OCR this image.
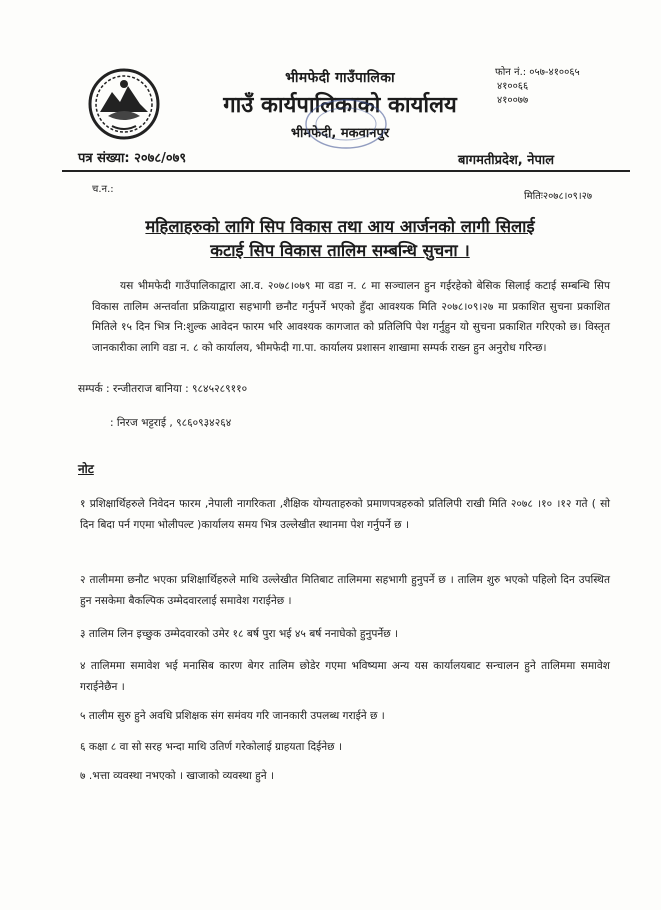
भीमफेदी गाउँपालिका
गाउँ कार्यपालिकाको कार्यालय
भीमफेदी, मकवानपुर
फोन नं.: ०५७-४१००६५
४१००६६
४१००७७
पत्र संख्या: २०७८/०७९	बागमतीप्रदेश, नेपाल
च.न.:
मितिः२०७८।०९।२७
महिलाहरुको लागि सिप विकास तथा आय आर्जनको लागी सिलाई
कटाई सिप विकास तालिम सम्बन्धि सुचना ।
यस भीमफेदी गाउँपालिकाद्वारा आ.व. २०७८।०७९ मा वडा न. ८ मा सञ्चालन हुन गईरहेको बेसिक सिलाई कटाई सम्बन्धि सिप विकास तालिम अन्तर्वाता प्रक्रियाद्वारा सहभागी छनौट गर्नुपर्ने भएको हुँदा आवश्यक मिति २०७८।०९।२७ मा प्रकाशित सुचना प्रकाशित मितिले १५ दिन भित्र नि:शुल्क आवेदन फारम भरि आवश्यक कागजात को प्रतिलिपि पेश गर्नुहुन यो सुचना प्रकाशित गरिएको छ। विस्तृत जानकारीका लागि वडा न. ८ को कार्यालय, भीमफेदी गा.पा. कार्यालय प्रशासन शाखामा सम्पर्क राख्न हुन अनुरोध गरिन्छ।
सम्पर्क : रन्जीतराज बानिया : ९८४५२८९११०
: निरज भट्टराई , ९८६०९३४२६४
नोट
१ प्रशिक्षार्थिहरुले निवेदन फारम ,नेपाली नागरिकता ,शैक्षिक योग्यताहरुको प्रमाणपत्रहरुको प्रतिलिपी राखी मिति २०७८ ।१० ।१२ गते ( सो दिन बिदा पर्न गएमा भोलीपल्ट )कार्यालय समय भित्र उल्लेखीत स्थानमा पेश गर्नुपर्ने छ ।
२ तालीममा छनौट भएका प्रशिक्षार्थिहरुले माथि उल्लेखीत मितिबाट तालिममा सहभागी हुनुपर्ने छ । तालिम शुरु भएको पहिलो दिन उपस्थित हुन नसकेमा बैकल्पिक उम्मेदवारलाई समावेश गराईनेछ ।
३ तालिम लिन इच्छुक उम्मेदवारको उमेर १८ बर्ष पुरा भई ४५ बर्ष ननाघेको हुनुपर्नेछ ।
४ तालिममा समावेश भई मनासिब कारण बेगर तालिम छोडेर गएमा भविष्यमा अन्य यस कार्यालयबाट सन्चालन हुने तालिममा समावेश गराईनेछैन ।
५ तालीम सुरु हुने अवधि प्रशिक्षक संग समंवय गरि जानकारी उपलब्ध गराईने छ ।
६ कक्षा ८ वा सो सरह भन्दा माथि उतिर्ण गरेकोलाई ग्राहयता दिईनेछ ।
७ .भत्ता व्यवस्था नभएको । खाजाको व्यवस्था हुने ।
